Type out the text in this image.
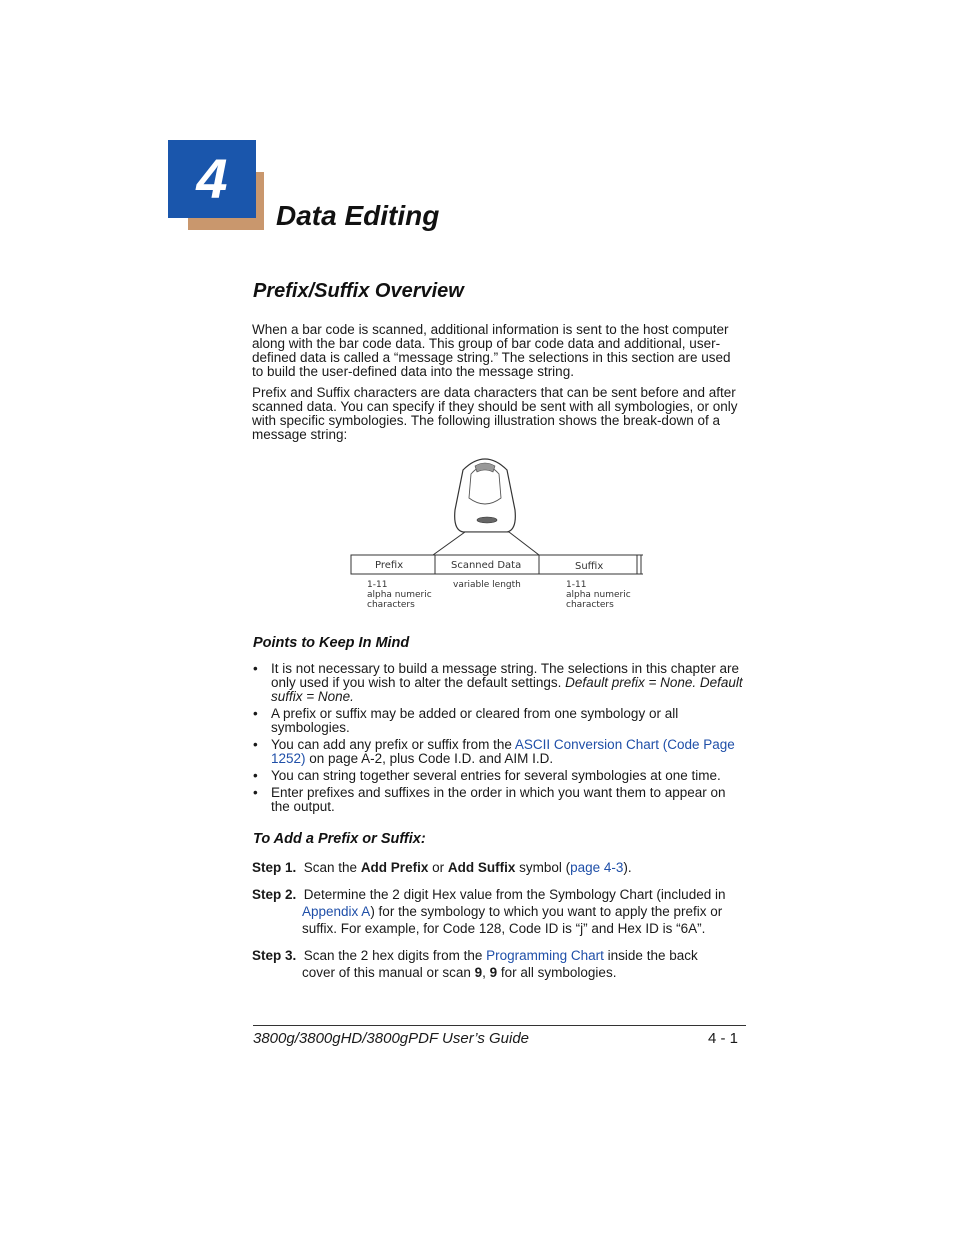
4
Data Editing
Prefix/Suffix Overview
When a bar code is scanned, additional information is sent to the host computer along with the bar code data. This group of bar code data and additional, user-defined data is called a “message string.” The selections in this section are used to build the user-defined data into the message string.
Prefix and Suffix characters are data characters that can be sent before and after scanned data. You can specify if they should be sent with all symbologies, or only with specific symbologies. The following illustration shows the break-down of a message string:
Prefix	Scanned Data	Suffix
1-11
alpha numeric
characters
variable length	1-11
alpha numeric
characters
Points to Keep In Mind
• It is not necessary to build a message string. The selections in this chapter are only used if you wish to alter the default settings. Default prefix = None. Default suffix = None.
• A prefix or suffix may be added or cleared from one symbology or all symbologies.
• You can add any prefix or suffix from the ASCII Conversion Chart (Code Page 1252) on page A-2, plus Code I.D. and AIM I.D.
• You can string together several entries for several symbologies at one time.
• Enter prefixes and suffixes in the order in which you want them to appear on the output.
To Add a Prefix or Suffix:
Step 1.  Scan the Add Prefix or Add Suffix symbol (page 4-3).
Step 2.  Determine the 2 digit Hex value from the Symbology Chart (included in
Appendix A) for the symbology to which you want to apply the prefix or
suffix. For example, for Code 128, Code ID is “j” and Hex ID is “6A”.
Step 3.  Scan the 2 hex digits from the Programming Chart inside the back
cover of this manual or scan 9, 9 for all symbologies.
3800g/3800gHD/3800gPDF User’s Guide	4 - 1
